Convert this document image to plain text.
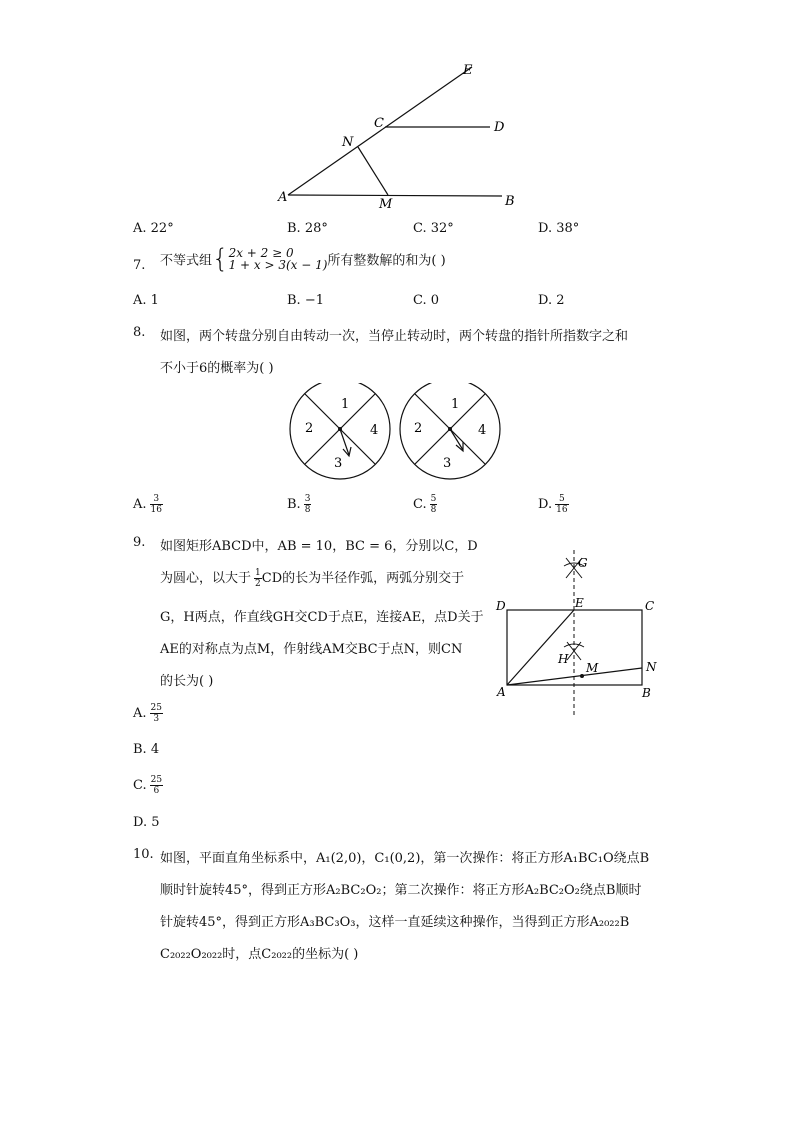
E
C	D
N
A	M	B
A. 22°	B. 28°	C. 32°	D. 38°
7. 不等式组{ 2x + 2 ≥ 0
1 + x > 3(x − 1) 所有整数解的和为( )
A. 1	B. −1	C. 0	D. 2
8. 如图，两个转盘分别自由转动一次，当停止转动时，两个转盘的指针所指数字之和
不小于6的概率为( )
1
2
3
4
1
2
3
4
A. $\frac{3}{16}$	B. $\frac{3}{8}$	C. $\frac{5}{8}$	D. $\frac{5}{16}$
9. 如图矩形ABCD中，AB = 10，BC = 6，分别以C，D
为圆心，以大于 $\frac{1}{2}$ CD的长为半径作弧，两弧分别交于
G，H两点，作直线GH交CD于点E，连接AE，点D关于
AE的对称点为点M，作射线AM交BC于点N，则CN
的长为( )
G
D	E	C
H
M	N
A	B
A. $\frac{25}{3}$
B. 4
C. $\frac{25}{6}$
D. 5
10. 如图，平面直角坐标系中，A₁(2,0)，C₁(0,2)，第一次操作：将正方形A₁BC₁O绕点B
顺时针旋转45°，得到正方形A₂BC₂O₂；第二次操作：将正方形A₂BC₂O₂绕点B顺时
针旋转45°，得到正方形A₃BC₃O₃，这样一直延续这种操作，当得到正方形A₂₀₂₂B
C₂₀₂₂O₂₀₂₂时，点C₂₀₂₂的坐标为( )
